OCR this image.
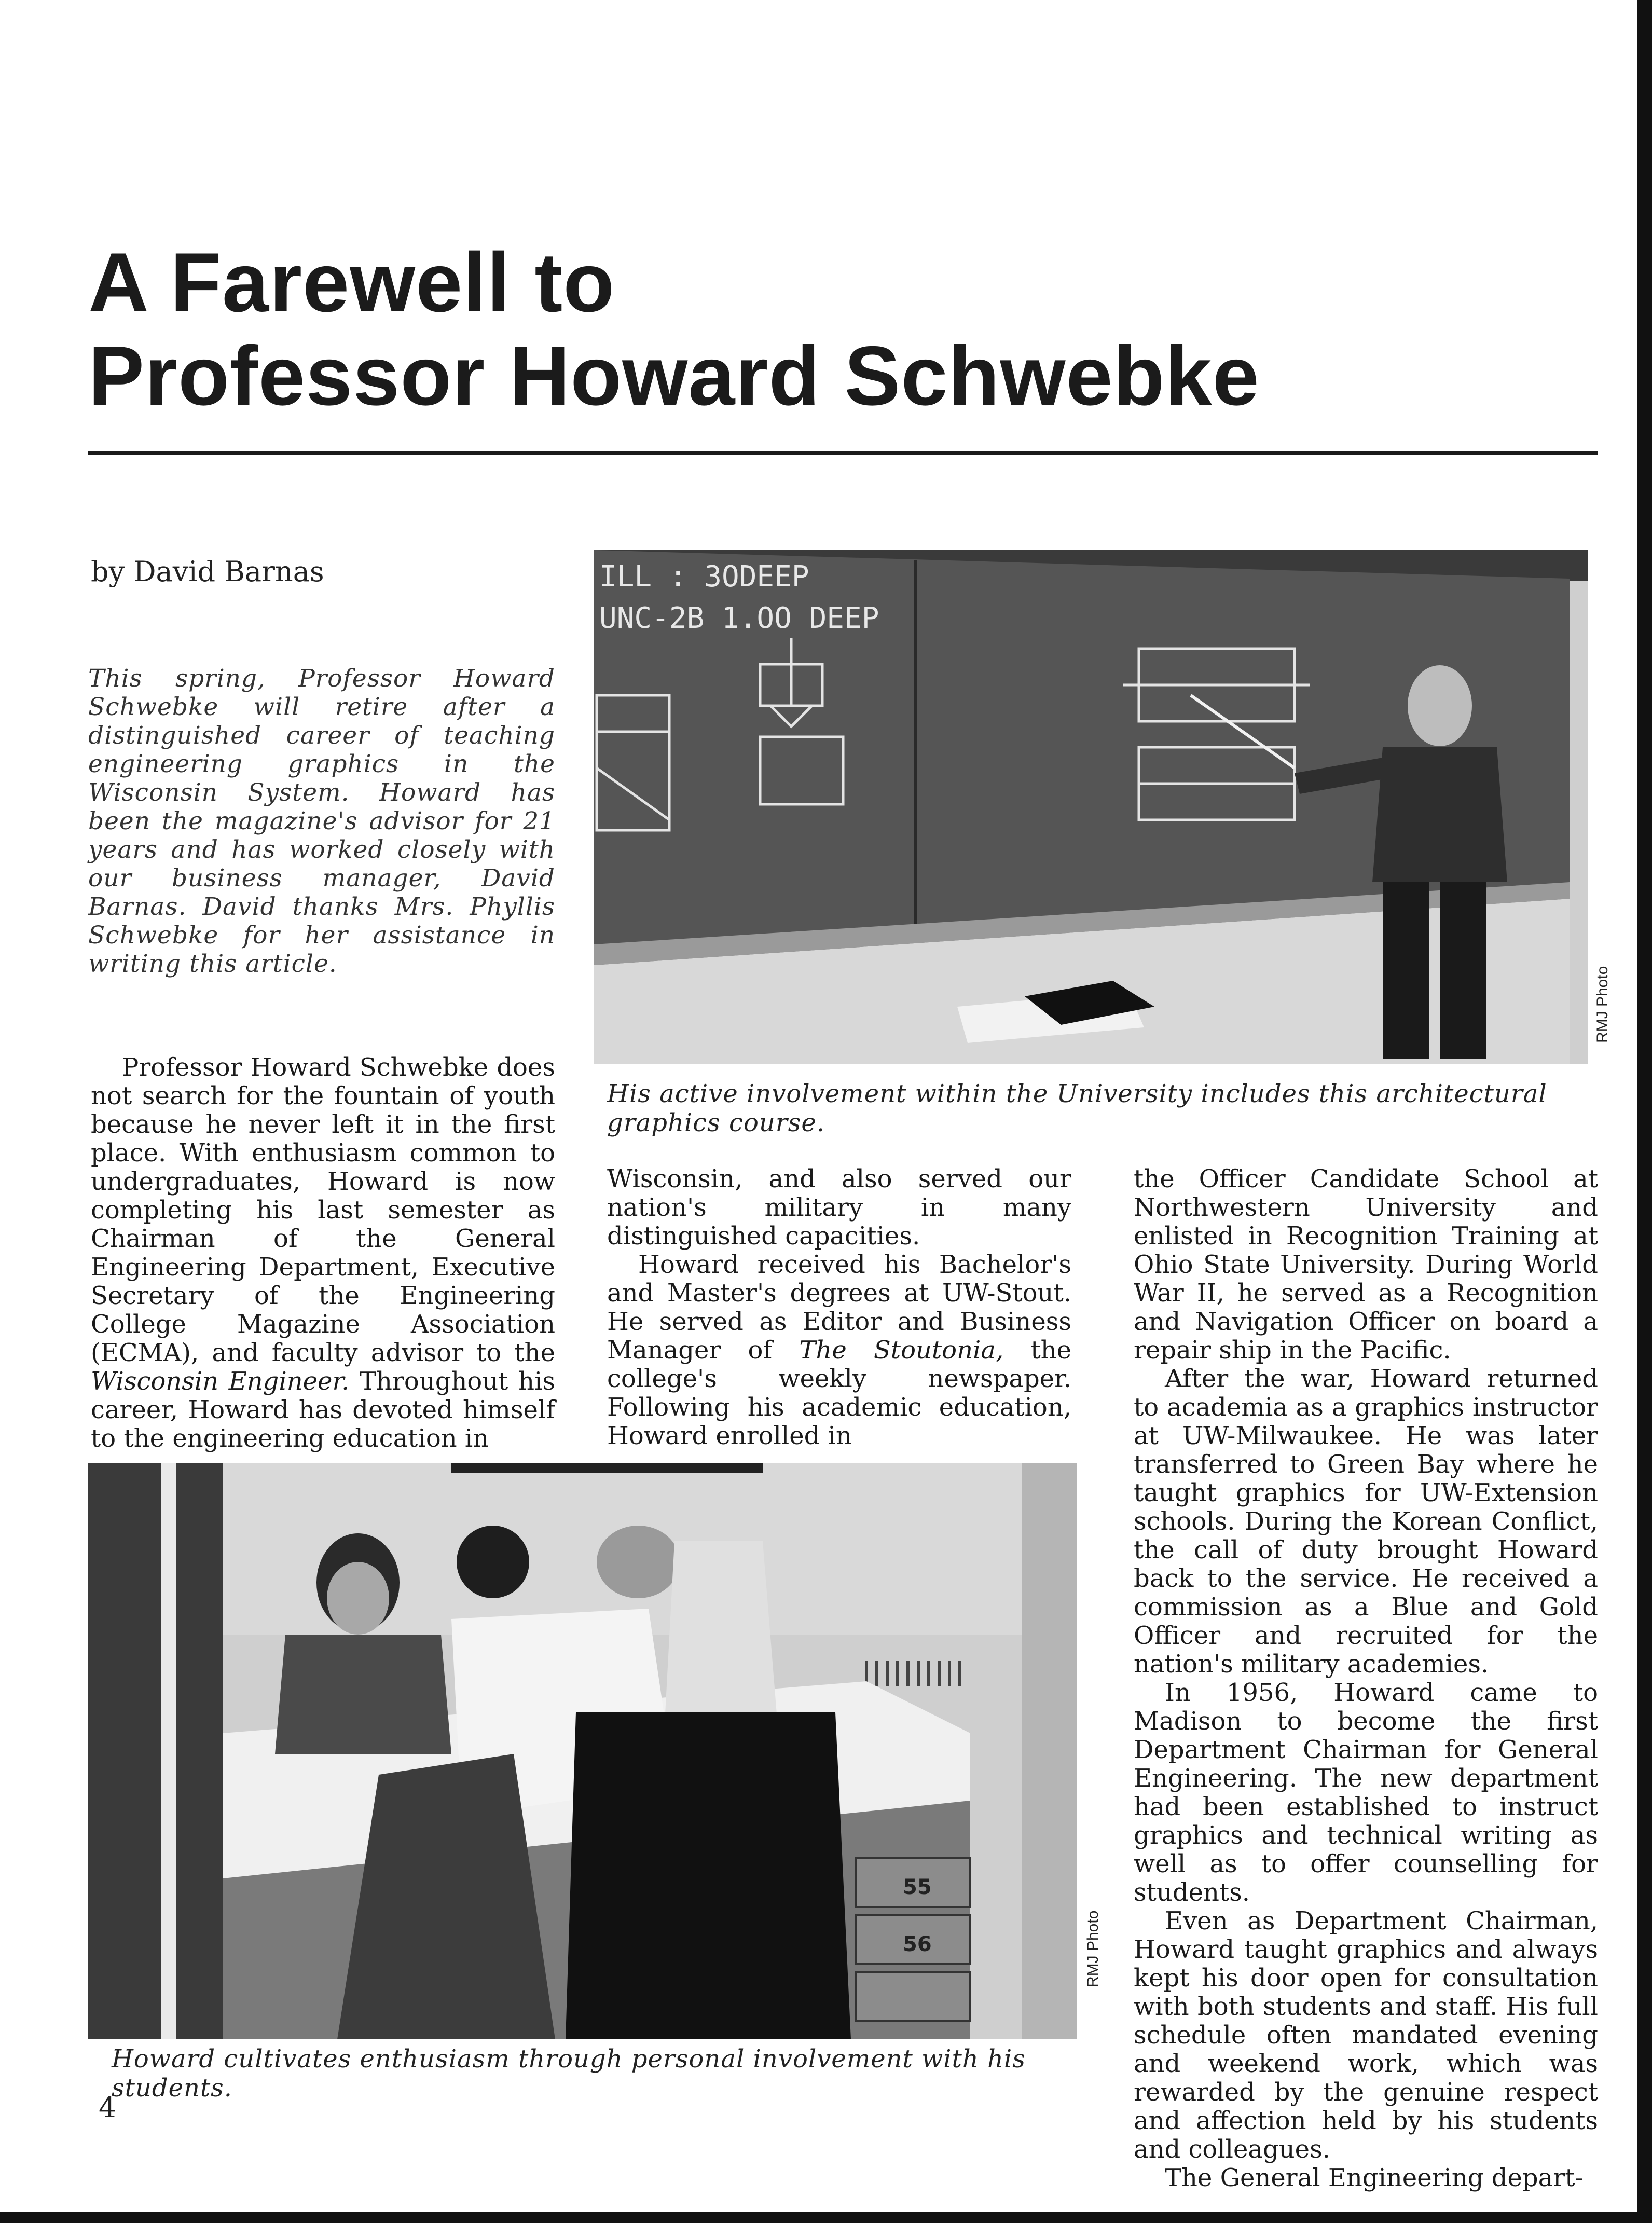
A Farewell to
Professor Howard Schwebke
by David Barnas

This spring, Professor Howard Schwebke will retire after a distinguished career of teaching engineering graphics in the Wisconsin System. Howard has been the magazine's advisor for 21 years and has worked closely with our business manager, David Barnas. David thanks Mrs. Phyllis Schwebke for her assistance in writing this article.

ILL : 3ODEEP
UNC-2B 1.OO DEEP
RMJ Photo

His active involvement within the University includes this architectural graphics course.

Professor Howard Schwebke does not search for the fountain of youth because he never left it in the first place. With enthusiasm common to undergraduates, Howard is now completing his last semester as Chairman of the General Engineering Department, Executive Secretary of the Engineering College Magazine Association (ECMA), and faculty advisor to the Wisconsin Engineer. Throughout his career, Howard has devoted himself to the engineering education in

Wisconsin, and also served our nation's military in many distinguished capacities.

Howard received his Bachelor's and Master's degrees at UW-Stout. He served as Editor and Business Manager of The Stoutonia, the college's weekly newspaper. Following his academic education, Howard enrolled in

the Officer Candidate School at Northwestern University and enlisted in Recognition Training at Ohio State University. During World War II, he served as a Recognition and Navigation Officer on board a repair ship in the Pacific.

After the war, Howard returned to academia as a graphics instructor at UW-Milwaukee. He was later transferred to Green Bay where he taught graphics for UW-Extension schools. During the Korean Conflict, the call of duty brought Howard back to the service. He received a commission as a Blue and Gold Officer and recruited for the nation's military academies.

In 1956, Howard came to Madison to become the first Department Chairman for General Engineering. The new department had been established to instruct graphics and technical writing as well as to offer counselling for students.

Even as Department Chairman, Howard taught graphics and always kept his door open for consultation with both students and staff. His full schedule often mandated evening and weekend work, which was rewarded by the genuine respect and affection held by his students and colleagues.

The General Engineering depart-

55
56	RMJ Photo

Howard cultivates enthusiasm through personal involvement with his students.

4
